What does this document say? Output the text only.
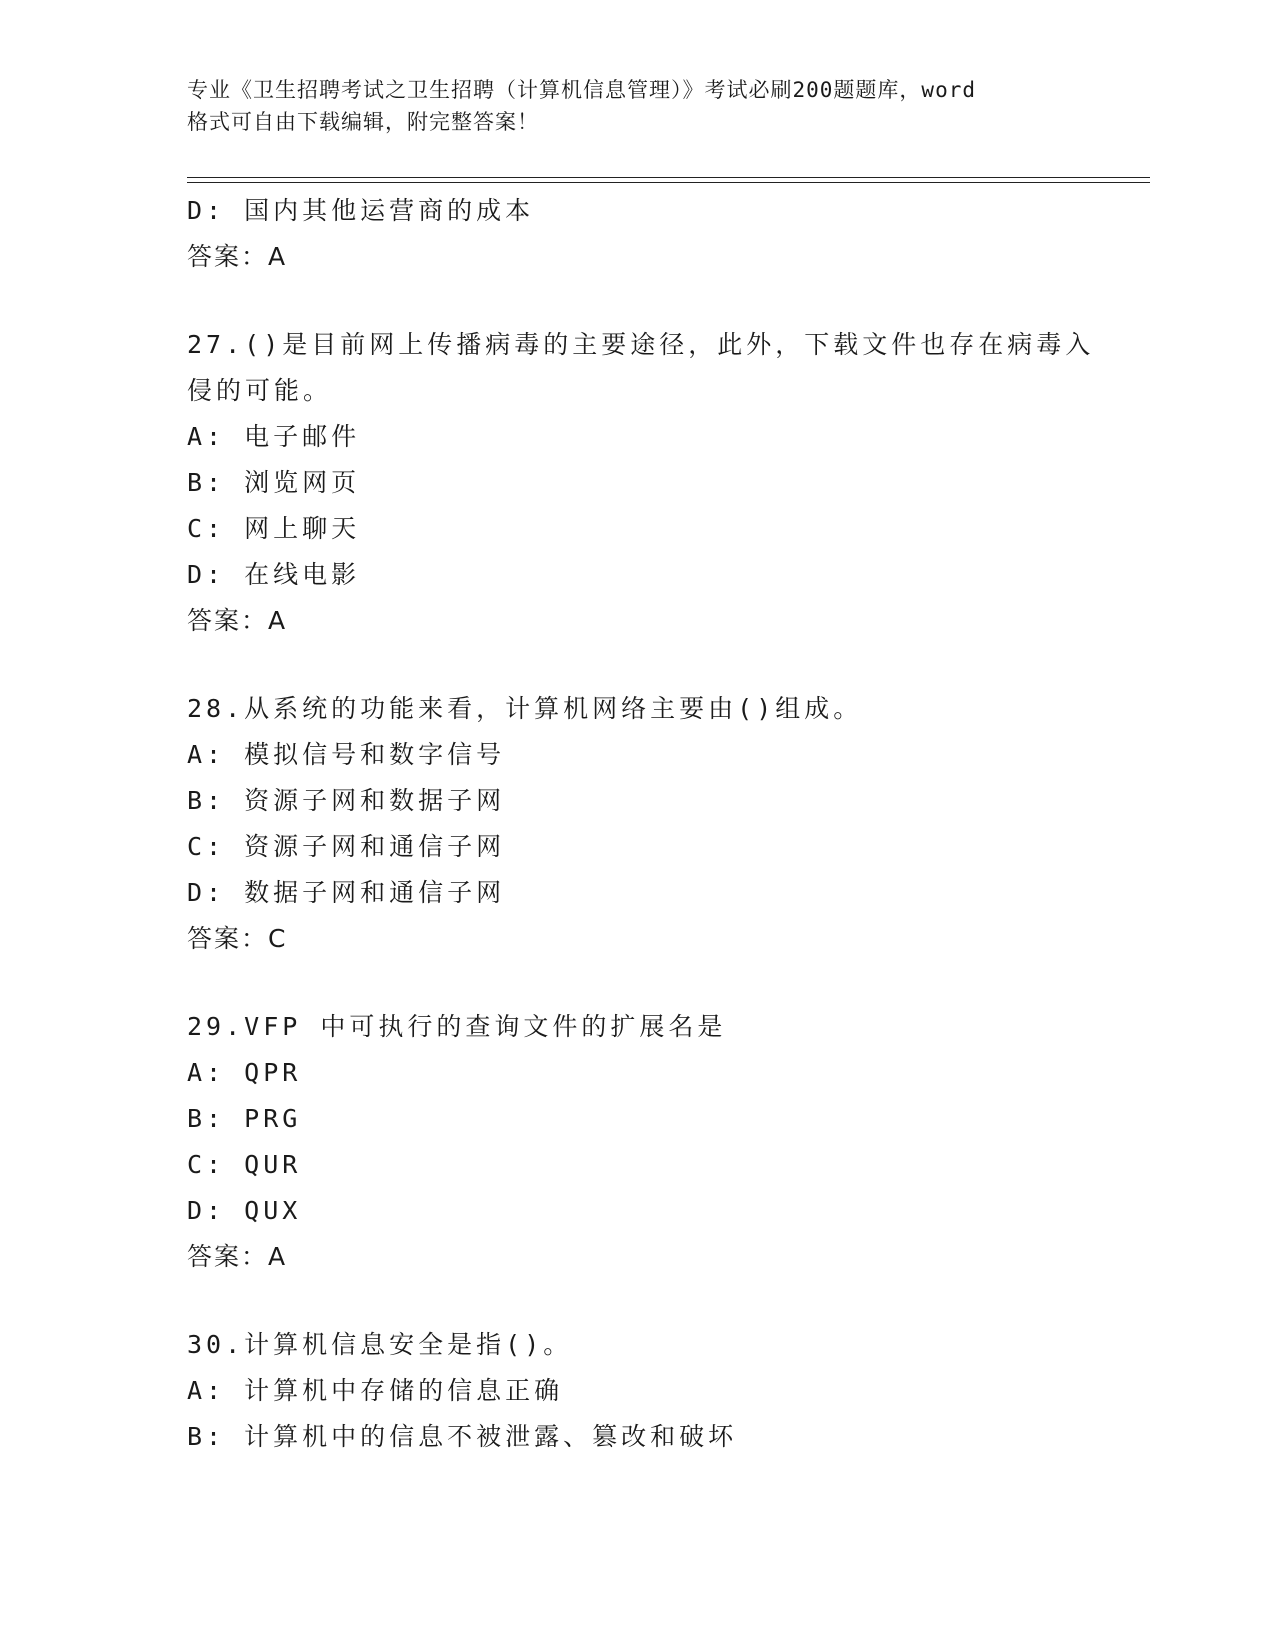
专业《卫生招聘考试之卫生招聘（计算机信息管理）》考试必刷200题题库，word
格式可自由下载编辑，附完整答案！
D: 国内其他运营商的成本
答案：A
27.()是目前网上传播病毒的主要途径，此外，下载文件也存在病毒入
侵的可能。
A: 电子邮件
B: 浏览网页
C: 网上聊天
D: 在线电影
答案：A
28.从系统的功能来看，计算机网络主要由()组成。
A: 模拟信号和数字信号
B: 资源子网和数据子网
C: 资源子网和通信子网
D: 数据子网和通信子网
答案：C
29.VFP 中可执行的查询文件的扩展名是
A: QPR
B: PRG
C: QUR
D: QUX
答案：A
30.计算机信息安全是指()。
A: 计算机中存储的信息正确
B: 计算机中的信息不被泄露、篡改和破坏
